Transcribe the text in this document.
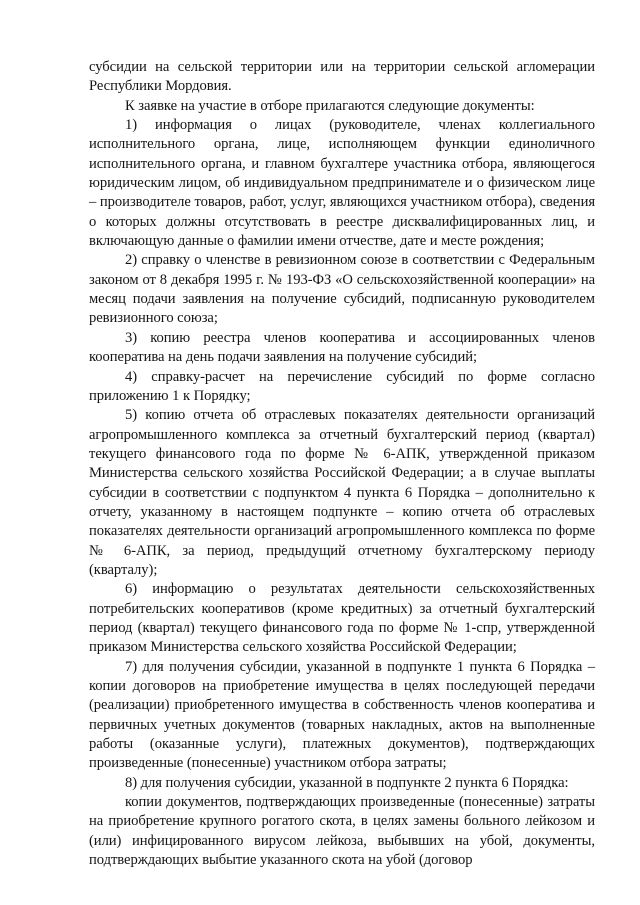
субсидии на сельской территории или на территории сельской агломерации Республики Мордовия.

К заявке на участие в отборе прилагаются следующие документы:

1) информация о лицах (руководителе, членах коллегиального исполнительного органа, лице, исполняющем функции единоличного исполнительного органа, и главном бухгалтере участника отбора, являющегося юридическим лицом, об индивидуальном предпринимателе и о физическом лице – производителе товаров, работ, услуг, являющихся участником отбора), сведения о которых должны отсутствовать в реестре дисквалифицированных лиц, и включающую данные о фамилии имени отчестве, дате и месте рождения;

2) справку о членстве в ревизионном союзе в соответствии с Федеральным законом от 8 декабря 1995 г. № 193-ФЗ «О сельскохозяйственной кооперации» на месяц подачи заявления на получение субсидий, подписанную руководителем ревизионного союза;

3) копию реестра членов кооператива и ассоциированных членов кооператива на день подачи заявления на получение субсидий;

4) справку-расчет на перечисление субсидий по форме согласно приложению 1 к Порядку;

5) копию отчета об отраслевых показателях деятельности организаций агропромышленного комплекса за отчетный бухгалтерский период (квартал) текущего финансового года по форме № 6-АПК, утвержденной приказом Министерства сельского хозяйства Российской Федерации; а в случае выплаты субсидии в соответствии с подпунктом 4 пункта 6 Порядка – дополнительно к отчету, указанному в настоящем подпункте – копию отчета об отраслевых показателях деятельности организаций агропромышленного комплекса по форме № 6-АПК, за период, предыдущий отчетному бухгалтерскому периоду (кварталу);

6) информацию о результатах деятельности сельскохозяйственных потребительских кооперативов (кроме кредитных) за отчетный бухгалтерский период (квартал) текущего финансового года по форме № 1-спр, утвержденной приказом Министерства сельского хозяйства Российской Федерации;

7) для получения субсидии, указанной в подпункте 1 пункта 6 Порядка – копии договоров на приобретение имущества в целях последующей передачи (реализации) приобретенного имущества в собственность членов кооператива и первичных учетных документов (товарных накладных, актов на выполненные работы (оказанные услуги), платежных документов), подтверждающих произведенные (понесенные) участником отбора затраты;

8) для получения субсидии, указанной в подпункте 2 пункта 6 Порядка:

копии документов, подтверждающих произведенные (понесенные) затраты на приобретение крупного рогатого скота, в целях замены больного лейкозом и (или) инфицированного вирусом лейкоза, выбывших на убой, документы, подтверждающих выбытие указанного скота на убой (договор
